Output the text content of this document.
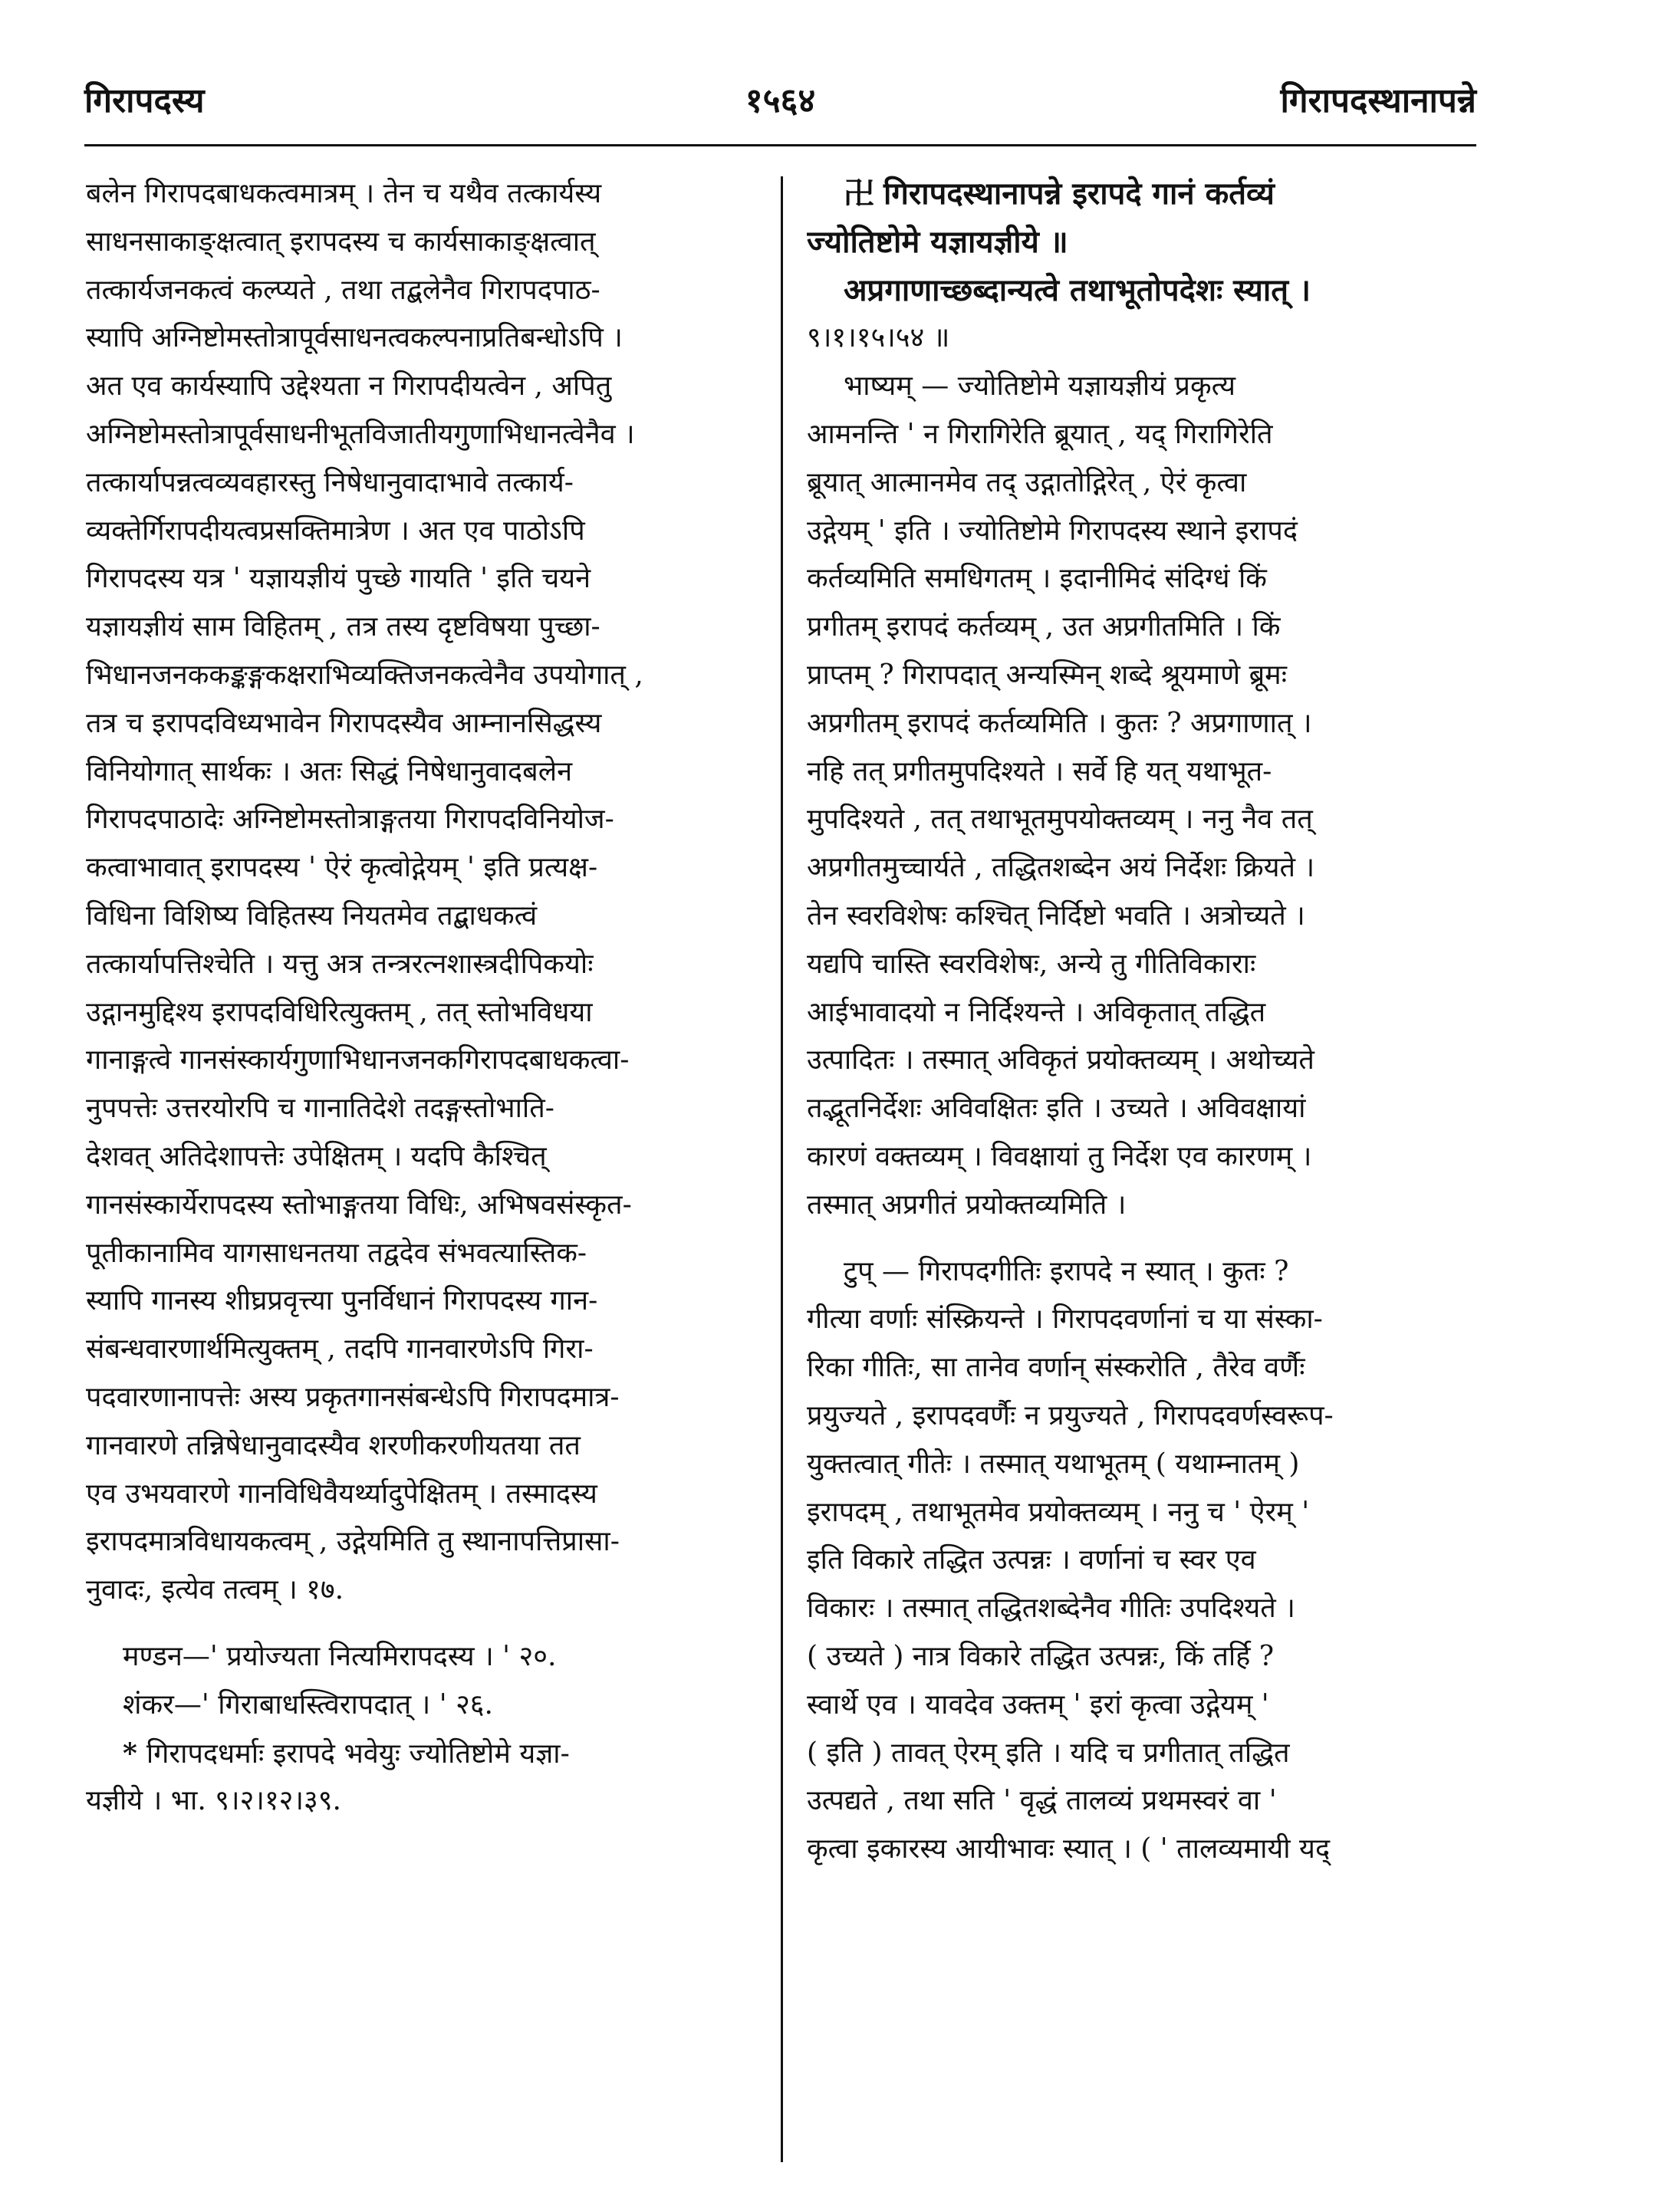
गिरापदस्य	१५६४	गिरापदस्थानापन्ने
बलेन गिरापदबाधकत्वमात्रम् । तेन च यथैव तत्कार्यस्य
साधनसाकाङ्क्षत्वात् इरापदस्य च कार्यसाकाङ्क्षत्वात्
तत्कार्यजनकत्वं कल्प्यते , तथा तद्बलेनैव गिरापदपाठ-
स्यापि अग्निष्टोमस्तोत्रापूर्वसाधनत्वकल्पनाप्रतिबन्धोऽपि ।
अत एव कार्यस्यापि उद्देश्यता न गिरापदीयत्वेन , अपितु
अग्निष्टोमस्तोत्रापूर्वसाधनीभूतविजातीयगुणाभिधानत्वेनैव ।
तत्कार्यापन्नत्वव्यवहारस्तु निषेधानुवादाभावे तत्कार्य-
व्यक्तेर्गिरापदीयत्वप्रसक्तिमात्रेण । अत एव पाठोऽपि
गिरापदस्य यत्र ' यज्ञायज्ञीयं पुच्छे गायति ' इति चयने
यज्ञायज्ञीयं साम विहितम् , तत्र तस्य दृष्टविषया पुच्छा-
भिधानजनककङ्कङ्गकक्षराभिव्यक्तिजनकत्वेनैव उपयोगात् ,
तत्र च इरापदविध्यभावेन गिरापदस्यैव आम्नानसिद्धस्य
विनियोगात् सार्थकः । अतः सिद्धं निषेधानुवादबलेन
गिरापदपाठादेः अग्निष्टोमस्तोत्राङ्गतया गिरापदविनियोज-
कत्वाभावात् इरापदस्य ' ऐरं कृत्वोद्गेयम् ' इति प्रत्यक्ष-
विधिना विशिष्य विहितस्य नियतमेव तद्बाधकत्वं
तत्कार्यापत्तिश्चेति । यत्तु अत्र तन्त्ररत्नशास्त्रदीपिकयोः
उद्गानमुद्दिश्य इरापदविधिरित्युक्तम् , तत् स्तोभविधया
गानाङ्गत्वे गानसंस्कार्यगुणाभिधानजनकगिरापदबाधकत्वा-
नुपपत्तेः उत्तरयोरपि च गानातिदेशे तदङ्गस्तोभाति-
देशवत् अतिदेशापत्तेः उपेक्षितम् । यदपि कैश्चित्
गानसंस्कार्येरापदस्य स्तोभाङ्गतया विधिः, अभिषवसंस्कृत-
पूतीकानामिव यागसाधनतया तद्वदेव संभवत्यास्तिक-
स्यापि गानस्य शीघ्रप्रवृत्त्या पुनर्विधानं गिरापदस्य गान-
संबन्धवारणार्थमित्युक्तम् , तदपि गानवारणेऽपि गिरा-
पदवारणानापत्तेः अस्य प्रकृतगानसंबन्धेऽपि गिरापदमात्र-
गानवारणे तन्निषेधानुवादस्यैव शरणीकरणीयतया तत
एव उभयवारणे गानविधिवैयर्थ्यादुपेक्षितम् । तस्मादस्य
इरापदमात्रविधायकत्वम् , उद्गेयमिति तु स्थानापत्तिप्रासा-
नुवादः, इत्येव तत्वम् । १७.
मण्डन—' प्रयोज्यता नित्यमिरापदस्य । ' २०.
शंकर—' गिराबाधस्त्विरापदात् । ' २६.
* गिरापदधर्माः इरापदे भवेयुः ज्योतिष्टोमे यज्ञा-
यज्ञीये । भा. ९।२।१२।३९.
卍 गिरापदस्थानापन्ने इरापदे गानं कर्तव्यं
ज्योतिष्टोमे यज्ञायज्ञीये ॥
अप्रगाणाच्छब्दान्यत्वे तथाभूतोपदेशः स्यात् ।
९।१।१५।५४ ॥
भाष्यम् — ज्योतिष्टोमे यज्ञायज्ञीयं प्रकृत्य
आमनन्ति ' न गिरागिरेति ब्रूयात् , यद् गिरागिरेति
ब्रूयात् आत्मानमेव तद् उद्गातोद्गिरेत् , ऐरं कृत्वा
उद्गेयम् ' इति । ज्योतिष्टोमे गिरापदस्य स्थाने इरापदं
कर्तव्यमिति समधिगतम् । इदानीमिदं संदिग्धं किं
प्रगीतम् इरापदं कर्तव्यम् , उत अप्रगीतमिति । किं
प्राप्तम् ? गिरापदात् अन्यस्मिन् शब्दे श्रूयमाणे ब्रूमः
अप्रगीतम् इरापदं कर्तव्यमिति । कुतः ? अप्रगाणात् ।
नहि तत् प्रगीतमुपदिश्यते । सर्वे हि यत् यथाभूत-
मुपदिश्यते , तत् तथाभूतमुपयोक्तव्यम् । ननु नैव तत्
अप्रगीतमुच्चार्यते , तद्धितशब्देन अयं निर्देशः क्रियते ।
तेन स्वरविशेषः कश्चित् निर्दिष्टो भवति । अत्रोच्यते ।
यद्यपि चास्ति स्वरविशेषः, अन्ये तु गीतिविकाराः
आईभावादयो न निर्दिश्यन्ते । अविकृतात् तद्धित
उत्पादितः । तस्मात् अविकृतं प्रयोक्तव्यम् । अथोच्यते
तद्भूतनिर्देशः अविवक्षितः इति । उच्यते । अविवक्षायां
कारणं वक्तव्यम् । विवक्षायां तु निर्देश एव कारणम् ।
तस्मात् अप्रगीतं प्रयोक्तव्यमिति ।
टुप् — गिरापदगीतिः इरापदे न स्यात् । कुतः ?
गीत्या वर्णाः संस्क्रियन्ते । गिरापदवर्णानां च या संस्का-
रिका गीतिः, सा तानेव वर्णान् संस्करोति , तैरेव वर्णैः
प्रयुज्यते , इरापदवर्णैः न प्रयुज्यते , गिरापदवर्णस्वरूप-
युक्तत्वात् गीतेः । तस्मात् यथाभूतम् ( यथाम्नातम् )
इरापदम् , तथाभूतमेव प्रयोक्तव्यम् । ननु च ' ऐरम् '
इति विकारे तद्धित उत्पन्नः । वर्णानां च स्वर एव
विकारः । तस्मात् तद्धितशब्देनैव गीतिः उपदिश्यते ।
( उच्यते ) नात्र विकारे तद्धित उत्पन्नः, किं तर्हि ?
स्वार्थे एव । यावदेव उक्तम् ' इरां कृत्वा उद्गेयम् '
( इति ) तावत् ऐरम् इति । यदि च प्रगीतात् तद्धित
उत्पद्यते , तथा सति ' वृद्धं तालव्यं प्रथमस्वरं वा '
कृत्वा इकारस्य आयीभावः स्यात् । ( ' तालव्यमायी यद्
